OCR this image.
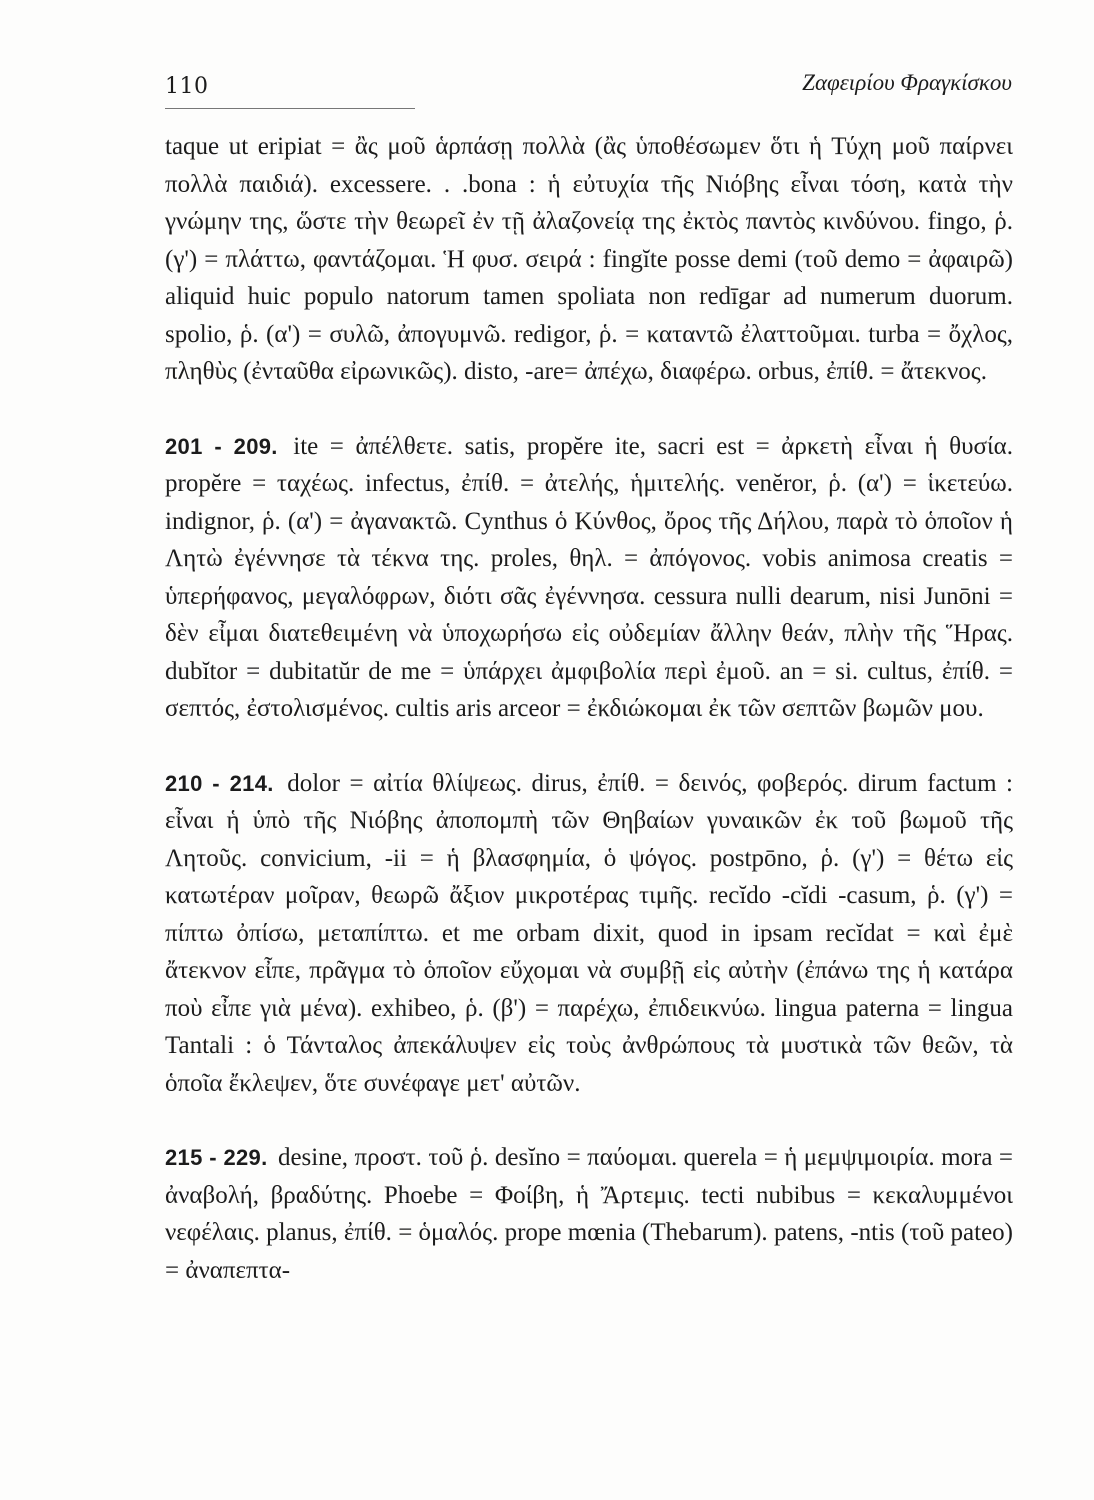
110	Ζαφειρίου Φραγκίσκου

taque ut eripiat = ἂς μοῦ ἁρπάσῃ πολλὰ (ἂς ὑποθέσωμεν ὅτι ἡ Τύχη μοῦ παίρνει πολλὰ παιδιά). excessere. . .bona : ἡ εὐτυχία τῆς Νιόβης εἶναι τόση, κατὰ τὴν γνώμην της, ὥστε τὴν θεωρεῖ ἐν τῇ ἀλαζονείᾳ της ἐκτὸς παντὸς κινδύνου. fingo, ῥ. (γ') = πλάττω, φαντάζομαι. Ἡ φυσ. σειρά : fingĭte posse demi (τοῦ demo = ἀφαιρῶ) aliquid huic populo natorum tamen spoliata non redīgar ad numerum duorum. spolio, ῥ. (α') = συλῶ, ἀπογυμνῶ. redigor, ῥ. = καταντῶ ἐλαττοῦμαι. turba = ὄχλος, πληθὺς (ἐνταῦθα εἰρωνικῶς). disto, -are= ἀπέχω, διαφέρω. orbus, ἐπίθ. = ἄτεκνος.

201 - 209. ite = ἀπέλθετε. satis, propĕre ite, sacri est = ἀρκετὴ εἶναι ἡ θυσία. propĕre = ταχέως. infectus, ἐπίθ. = ἀτελής, ἡμιτελής. venĕror, ῥ. (α') = ἱκετεύω. indignor, ῥ. (α') = ἀγανακτῶ. Cynthus ὁ Κύνθος, ὄρος τῆς Δήλου, παρὰ τὸ ὁποῖον ἡ Λητὼ ἐγέννησε τὰ τέκνα της. proles, θηλ. = ἀπόγονος. vobis animosa creatis = ὑπερήφανος, μεγαλόφρων, διότι σᾶς ἐγέννησα. cessura nulli dearum, nisi Junōni = δὲν εἶμαι διατεθειμένη νὰ ὑποχωρήσω εἰς οὐδεμίαν ἄλλην θεάν, πλὴν τῆς Ἥρας. dubĭtor = dubitatŭr de me = ὑπάρχει ἀμφιβολία περὶ ἐμοῦ. an = si. cultus, ἐπίθ. = σεπτός, ἐστολισμένος. cultis aris arceor = ἐκδιώκομαι ἐκ τῶν σεπτῶν βωμῶν μου.

210 - 214. dolor = αἰτία θλίψεως. dirus, ἐπίθ. = δεινός, φοβερός. dirum factum : εἶναι ἡ ὑπὸ τῆς Νιόβης ἀποπομπὴ τῶν Θηβαίων γυναικῶν ἐκ τοῦ βωμοῦ τῆς Λητοῦς. convicium, -ii = ἡ βλασφημία, ὁ ψόγος. postpōno, ῥ. (γ') = θέτω εἰς κατωτέραν μοῖραν, θεωρῶ ἄξιον μικροτέρας τιμῆς. recĭdo -cĭdi -casum, ῥ. (γ') = πίπτω ὀπίσω, μεταπίπτω. et me orbam dixit, quod in ipsam recĭdat = καὶ ἐμὲ ἄτεκνον εἶπε, πρᾶγμα τὸ ὁποῖον εὔχομαι νὰ συμβῇ εἰς αὐτὴν (ἐπάνω της ἡ κατάρα ποὺ εἶπε γιὰ μένα). exhibeo, ῥ. (β') = παρέχω, ἐπιδεικνύω. lingua paterna = lingua Tantali : ὁ Τάνταλος ἀπεκάλυψεν εἰς τοὺς ἀνθρώπους τὰ μυστικὰ τῶν θεῶν, τὰ ὁποῖα ἔκλεψεν, ὅτε συνέφαγε μετ' αὐτῶν.

215 - 229. desine, προστ. τοῦ ῥ. desĭno = παύομαι. querela = ἡ μεμψιμοιρία. mora = ἀναβολή, βραδύτης. Phoebe = Φοίβη, ἡ Ἄρτεμις. tecti nubibus = κεκαλυμμένοι νεφέλαις. planus, ἐπίθ. = ὁμαλός. prope mœnia (Thebarum). patens, -ntis (τοῦ pateo) = ἀναπεπτα-
